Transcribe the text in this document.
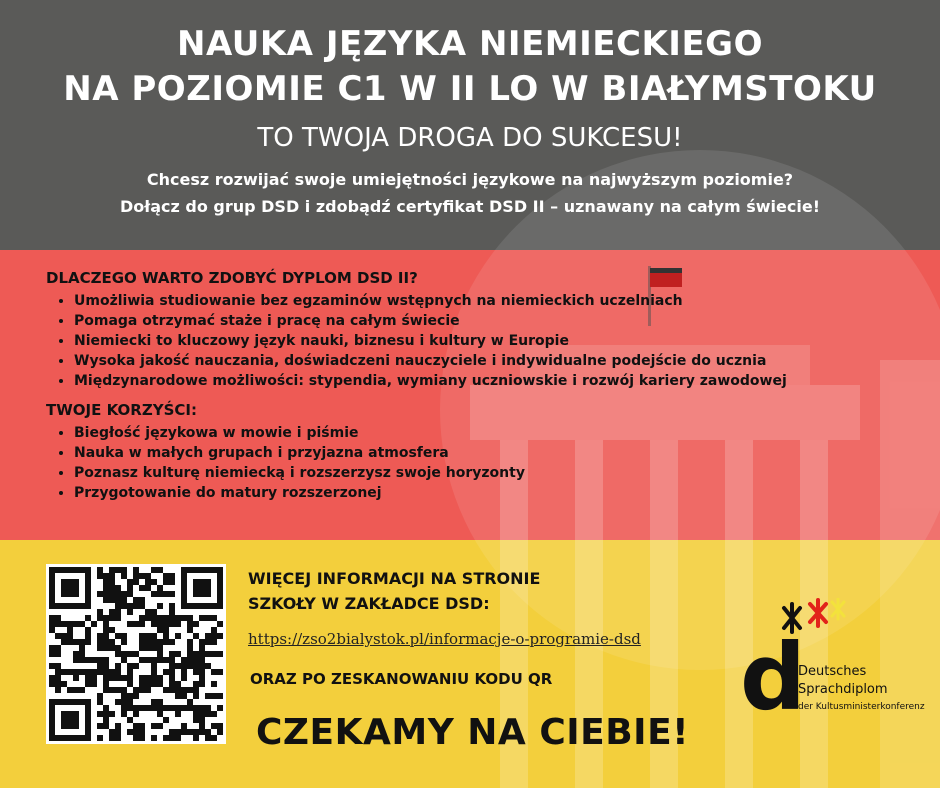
NAUKA JĘZYKA NIEMIECKIEGO
NA POZIOMIE C1 W II LO W BIAŁYMSTOKU

TO TWOJA DROGA DO SUKCESU!

Chcesz rozwijać swoje umiejętności językowe na najwyższym poziomie?
Dołącz do grup DSD i zdobądź certyfikat DSD II – uznawany na całym świecie!

DLACZEGO WARTO ZDOBYĆ DYPLOM DSD II?
• Umożliwia studiowanie bez egzaminów wstępnych na niemieckich uczelniach
• Pomaga otrzymać staże i pracę na całym świecie
• Niemiecki to kluczowy język nauki, biznesu i kultury w Europie
• Wysoka jakość nauczania, doświadczeni nauczyciele i indywidualne podejście do ucznia
• Międzynarodowe możliwości: stypendia, wymiany uczniowskie i rozwój kariery zawodowej
TWOJE KORZYŚCI:
• Biegłość językowa w mowie i piśmie
• Nauka w małych grupach i przyjazna atmosfera
• Poznasz kulturę niemiecką i rozszerzysz swoje horyzonty
• Przygotowanie do matury rozszerzonej

WIĘCEJ INFORMACJI NA STRONIE
SZKOŁY W ZAKŁADCE DSD:

https://zso2bialystok.pl/informacje-o-programie-dsd

ORAZ PO ZESKANOWANIU KODU QR

CZEKAMY NA CIEBIE!

d
Deutsches
Sprachdiplom
der Kultusministerkonferenz
